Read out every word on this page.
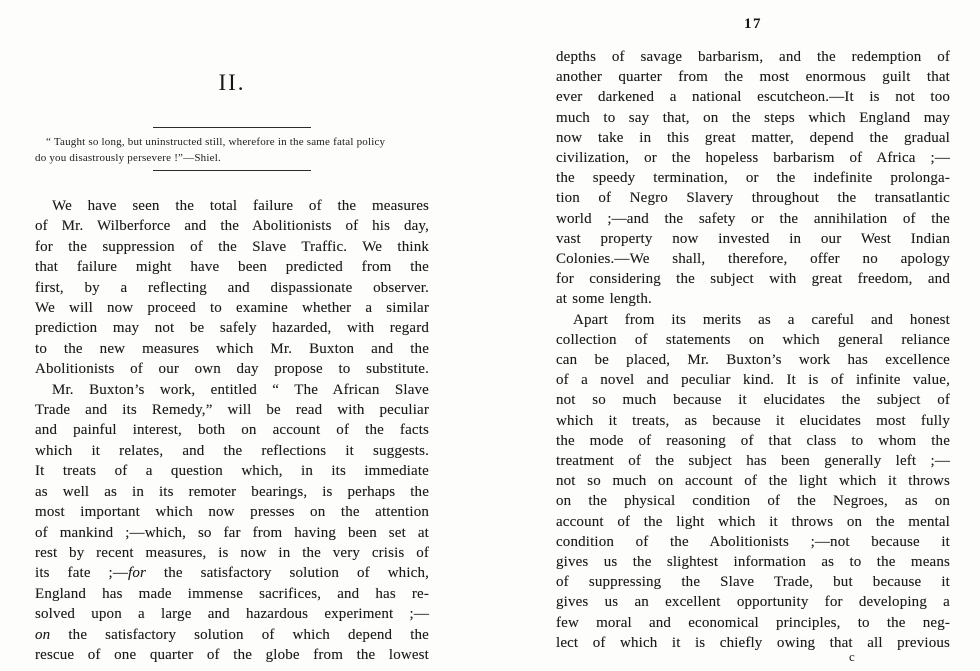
II.
“ Taught so long, but uninstructed still, wherefore in the same fatal policy
do you disastrously persevere !”—Shiel.
We have seen the total failure of the measures
of Mr. Wilberforce and the Abolitionists of his day,
for the suppression of the Slave Traffic. We think
that failure might have been predicted from the
first, by a reflecting and dispassionate observer.
We will now proceed to examine whether a similar
prediction may not be safely hazarded, with regard
to the new measures which Mr. Buxton and the
Abolitionists of our own day propose to substitute.
Mr. Buxton’s work, entitled “ The African Slave
Trade and its Remedy,” will be read with peculiar
and painful interest, both on account of the facts
which it relates, and the reflections it suggests.
It treats of a question which, in its immediate
as well as in its remoter bearings, is perhaps the
most important which now presses on the attention
of mankind ;—which, so far from having been set at
rest by recent measures, is now in the very crisis of
its fate ;—for the satisfactory solution of which,
England has made immense sacrifices, and has re-
solved upon a large and hazardous experiment ;—
on the satisfactory solution of which depend the
rescue of one quarter of the globe from the lowest
17
depths of savage barbarism, and the redemption of
another quarter from the most enormous guilt that
ever darkened a national escutcheon.—It is not too
much to say that, on the steps which England may
now take in this great matter, depend the gradual
civilization, or the hopeless barbarism of Africa ;—
the speedy termination, or the indefinite prolonga-
tion of Negro Slavery throughout the transatlantic
world ;—and the safety or the annihilation of the
vast property now invested in our West Indian
Colonies.—We shall, therefore, offer no apology
for considering the subject with great freedom, and
at some length.
Apart from its merits as a careful and honest
collection of statements on which general reliance
can be placed, Mr. Buxton’s work has excellence
of a novel and peculiar kind. It is of infinite value,
not so much because it elucidates the subject of
which it treats, as because it elucidates most fully
the mode of reasoning of that class to whom the
treatment of the subject has been generally left ;—
not so much on account of the light which it throws
on the physical condition of the Negroes, as on
account of the light which it throws on the mental
condition of the Abolitionists ;—not because it
gives us the slightest information as to the means
of suppressing the Slave Trade, but because it
gives us an excellent opportunity for developing a
few moral and economical principles, to the neg-
lect of which it is chiefly owing that all previous
c
